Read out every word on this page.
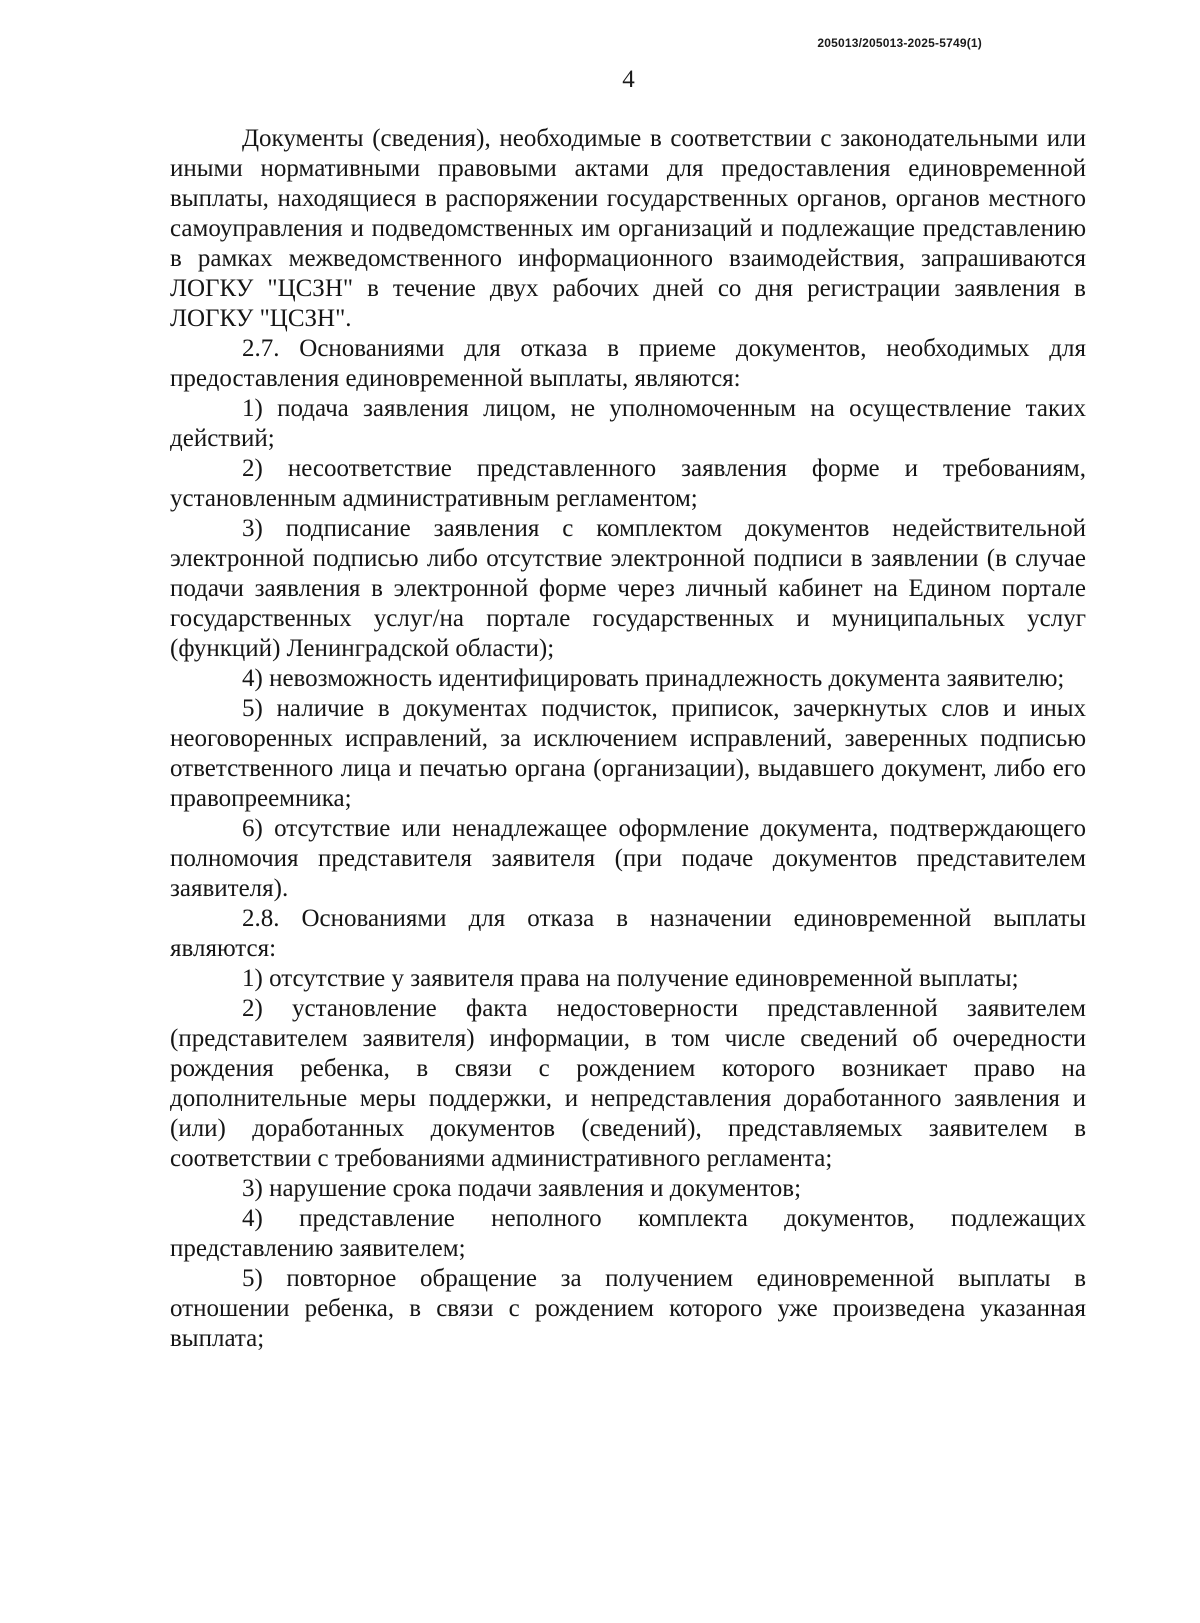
205013/205013-2025-5749(1)
4

Документы (сведения), необходимые в соответствии с законодательными или иными нормативными правовыми актами для предоставления единовременной выплаты, находящиеся в распоряжении государственных органов, органов местного самоуправления и подведомственных им организаций и подлежащие представлению в рамках межведомственного информационного взаимодействия, запрашиваются ЛОГКУ "ЦСЗН" в течение двух рабочих дней со дня регистрации заявления в ЛОГКУ "ЦСЗН".

2.7. Основаниями для отказа в приеме документов, необходимых для предоставления единовременной выплаты, являются:

1) подача заявления лицом, не уполномоченным на осуществление таких действий;

2) несоответствие представленного заявления форме и требованиям, установленным административным регламентом;

3) подписание заявления с комплектом документов недействительной электронной подписью либо отсутствие электронной подписи в заявлении (в случае подачи заявления в электронной форме через личный кабинет на Едином портале государственных услуг/на портале государственных и муниципальных услуг (функций) Ленинградской области);

4) невозможность идентифицировать принадлежность документа заявителю;

5) наличие в документах подчисток, приписок, зачеркнутых слов и иных неоговоренных исправлений, за исключением исправлений, заверенных подписью ответственного лица и печатью органа (организации), выдавшего документ, либо его правопреемника;

6) отсутствие или ненадлежащее оформление документа, подтверждающего полномочия представителя заявителя (при подаче документов представителем заявителя).

2.8. Основаниями для отказа в назначении единовременной выплаты являются:

1) отсутствие у заявителя права на получение единовременной выплаты;

2) установление факта недостоверности представленной заявителем (представителем заявителя) информации, в том числе сведений об очередности рождения ребенка, в связи с рождением которого возникает право на дополнительные меры поддержки, и непредставления доработанного заявления и (или) доработанных документов (сведений), представляемых заявителем в соответствии с требованиями административного регламента;

3) нарушение срока подачи заявления и документов;

4) представление неполного комплекта документов, подлежащих представлению заявителем;

5) повторное обращение за получением единовременной выплаты в отношении ребенка, в связи с рождением которого уже произведена указанная выплата;
